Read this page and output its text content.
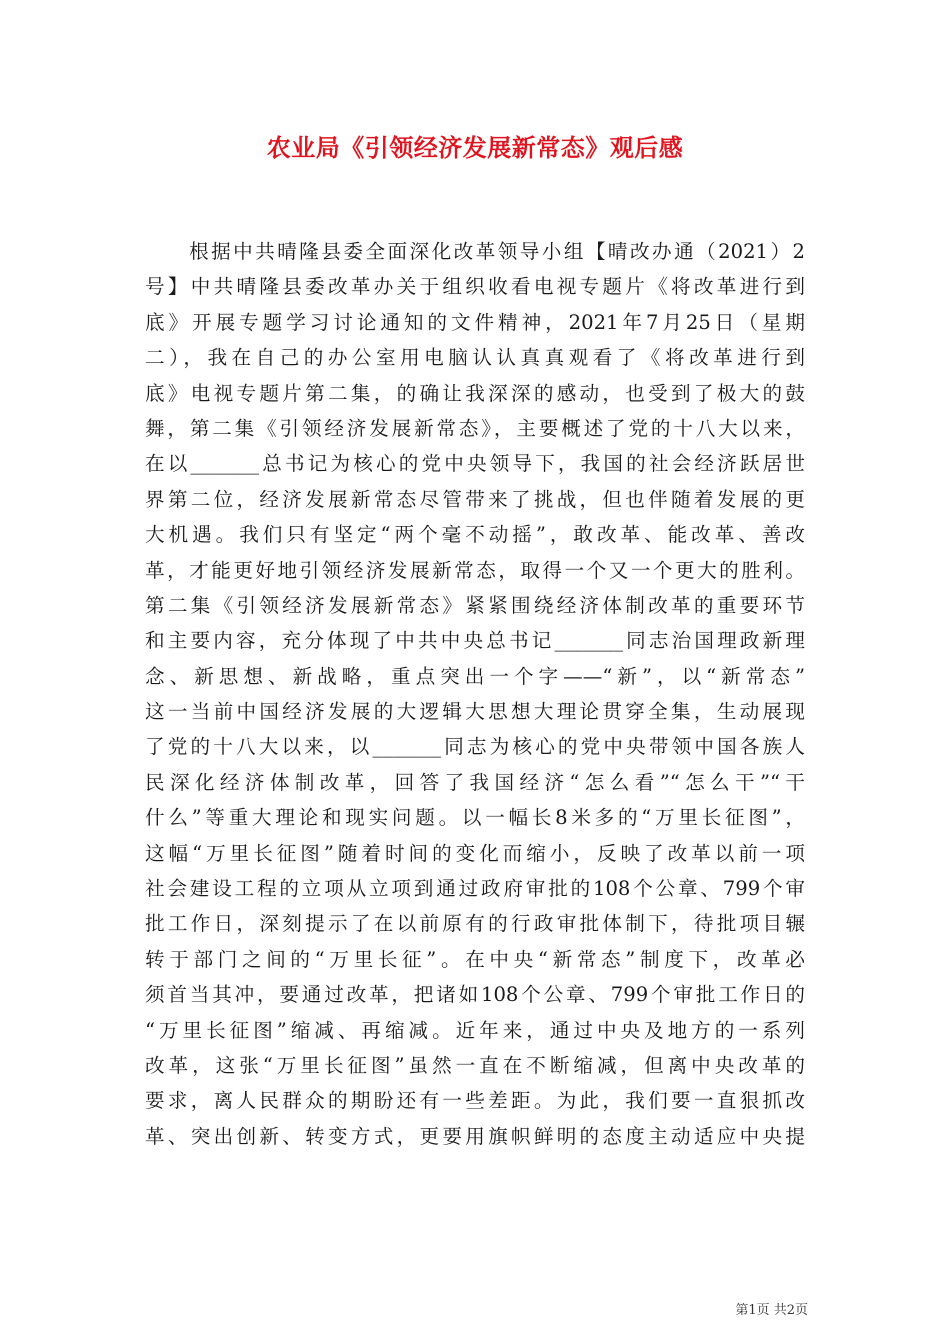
农业局《引领经济发展新常态》观后感
　　根据中共晴隆县委全面深化改革领导小组【晴改办通（2021）2
号】中共晴隆县委改革办关于组织收看电视专题片《将改革进行到
底》开展专题学习讨论通知的文件精神，2021年7月25日（星期
二），我在自己的办公室用电脑认认真真观看了《将改革进行到
底》电视专题片第二集，的确让我深深的感动，也受到了极大的鼓
舞，第二集《引领经济发展新常态》，主要概述了党的十八大以来，
在以_______总书记为核心的党中央领导下，我国的社会经济跃居世
界第二位，经济发展新常态尽管带来了挑战，但也伴随着发展的更
大机遇。我们只有坚定“两个毫不动摇”，敢改革、能改革、善改
革，才能更好地引领经济发展新常态，取得一个又一个更大的胜利。
第二集《引领经济发展新常态》紧紧围绕经济体制改革的重要环节
和主要内容，充分体现了中共中央总书记_______同志治国理政新理
念、新思想、新战略，重点突出一个字——“新”，以“新常态”
这一当前中国经济发展的大逻辑大思想大理论贯穿全集，生动展现
了党的十八大以来，以_______同志为核心的党中央带领中国各族人
民深化经济体制改革，回答了我国经济“怎么看”“怎么干”“干
什么”等重大理论和现实问题。以一幅长8米多的“万里长征图”，
这幅“万里长征图”随着时间的变化而缩小，反映了改革以前一项
社会建设工程的立项从立项到通过政府审批的108个公章、799个审
批工作日，深刻提示了在以前原有的行政审批体制下，待批项目辗
转于部门之间的“万里长征”。在中央“新常态”制度下，改革必
须首当其冲，要通过改革，把诸如108个公章、799个审批工作日的
“万里长征图”缩减、再缩减。近年来，通过中央及地方的一系列
改革，这张“万里长征图”虽然一直在不断缩减，但离中央改革的
要求，离人民群众的期盼还有一些差距。为此，我们要一直狠抓改
革、突出创新、转变方式，更要用旗帜鲜明的态度主动适应中央提
第1页 共2页
